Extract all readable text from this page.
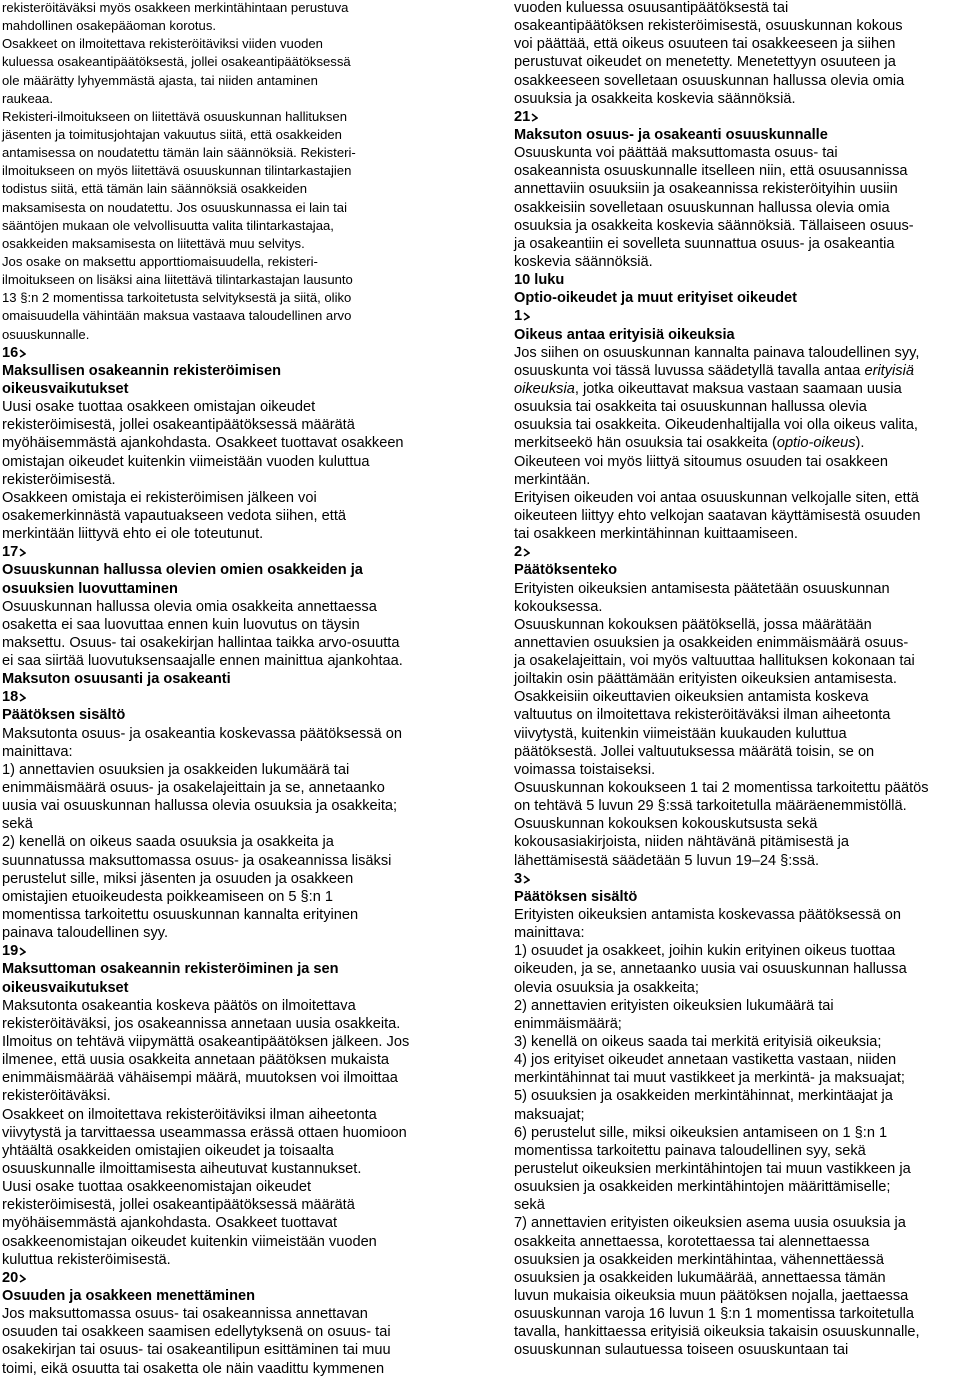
rekisteröitäväksi myös osakkeen merkintähintaan perustuva
mahdollinen osakepääoman korotus.
Osakkeet on ilmoitettava rekisteröitäviksi viiden vuoden
kuluessa osakeantipäätöksestä, jollei osakeantipäätöksessä
ole määrätty lyhyemmästä ajasta, tai niiden antaminen
raukeaa.
Rekisteri-ilmoitukseen on liitettävä osuuskunnan hallituksen
jäsenten ja toimitusjohtajan vakuutus siitä, että osakkeiden
antamisessa on noudatettu tämän lain säännöksiä. Rekisteri-
ilmoitukseen on myös liitettävä osuuskunnan tilintarkastajien
todistus siitä, että tämän lain säännöksiä osakkeiden
maksamisesta on noudatettu. Jos osuuskunnassa ei lain tai
sääntöjen mukaan ole velvollisuutta valita tilintarkastajaa,
osakkeiden maksamisesta on liitettävä muu selvitys.
Jos osake on maksettu apporttiomaisuudella, rekisteri-
ilmoitukseen on lisäksi aina liitettävä tilintarkastajan lausunto
13 §:n 2 momentissa tarkoitetusta selvityksestä ja siitä, oliko
omaisuudella vähintään maksua vastaava taloudellinen arvo
osuuskunnalle.
16
Maksullisen osakeannin rekisteröimisen
oikeusvaikutukset
Uusi osake tuottaa osakkeen omistajan oikeudet
rekisteröimisestä, jollei osakeantipäätöksessä määrätä
myöhäisemmästä ajankohdasta. Osakkeet tuottavat osakkeen
omistajan oikeudet kuitenkin viimeistään vuoden kuluttua
rekisteröimisestä.
Osakkeen omistaja ei rekisteröimisen jälkeen voi
osakemerkinnästä vapautuakseen vedota siihen, että
merkintään liittyvä ehto ei ole toteutunut.
17
Osuuskunnan hallussa olevien omien osakkeiden ja
osuuksien luovuttaminen
Osuuskunnan hallussa olevia omia osakkeita annettaessa
osaketta ei saa luovuttaa ennen kuin luovutus on täysin
maksettu. Osuus- tai osakekirjan hallintaa taikka arvo-osuutta
ei saa siirtää luovutuksensaajalle ennen mainittua ajankohtaa.
Maksuton osuusanti ja osakeanti
18
Päätöksen sisältö
Maksutonta osuus- ja osakeantia koskevassa päätöksessä on
mainittava:
1) annettavien osuuksien ja osakkeiden lukumäärä tai
enimmäismäärä osuus- ja osakelajeittain ja se, annetaanko
uusia vai osuuskunnan hallussa olevia osuuksia ja osakkeita;
sekä
2) kenellä on oikeus saada osuuksia ja osakkeita ja
suunnatussa maksuttomassa osuus- ja osakeannissa lisäksi
perustelut sille, miksi jäsenten ja osuuden ja osakkeen
omistajien etuoikeudesta poikkeamiseen on 5 §:n 1
momentissa tarkoitettu osuuskunnan kannalta erityinen
painava taloudellinen syy.
19
Maksuttoman osakeannin rekisteröiminen ja sen
oikeusvaikutukset
Maksutonta osakeantia koskeva päätös on ilmoitettava
rekisteröitäväksi, jos osakeannissa annetaan uusia osakkeita.
Ilmoitus on tehtävä viipymättä osakeantipäätöksen jälkeen. Jos
ilmenee, että uusia osakkeita annetaan päätöksen mukaista
enimmäismäärää vähäisempi määrä, muutoksen voi ilmoittaa
rekisteröitäväksi.
Osakkeet on ilmoitettava rekisteröitäviksi ilman aiheetonta
viivytystä ja tarvittaessa useammassa erässä ottaen huomioon
yhtäältä osakkeiden omistajien oikeudet ja toisaalta
osuuskunnalle ilmoittamisesta aiheutuvat kustannukset.
Uusi osake tuottaa osakkeenomistajan oikeudet
rekisteröimisestä, jollei osakeantipäätöksessä määrätä
myöhäisemmästä ajankohdasta. Osakkeet tuottavat
osakkeenomistajan oikeudet kuitenkin viimeistään vuoden
kuluttua rekisteröimisestä.
20
Osuuden ja osakkeen menettäminen
Jos maksuttomassa osuus- tai osakeannissa annettavan
osuuden tai osakkeen saamisen edellytyksenä on osuus- tai
osakekirjan tai osuus- tai osakeantilipun esittäminen tai muu
toimi, eikä osuutta tai osaketta ole näin vaadittu kymmenen
vuoden kuluessa osuusantipäätöksestä tai
osakeantipäätöksen rekisteröimisestä, osuuskunnan kokous
voi päättää, että oikeus osuuteen tai osakkeeseen ja siihen
perustuvat oikeudet on menetetty. Menetettyyn osuuteen ja
osakkeeseen sovelletaan osuuskunnan hallussa olevia omia
osuuksia ja osakkeita koskevia säännöksiä.
21
Maksuton osuus- ja osakeanti osuuskunnalle
Osuuskunta voi päättää maksuttomasta osuus- tai
osakeannista osuuskunnalle itselleen niin, että osuusannissa
annettaviin osuuksiin ja osakeannissa rekisteröityihin uusiin
osakkeisiin sovelletaan osuuskunnan hallussa olevia omia
osuuksia ja osakkeita koskevia säännöksiä. Tällaiseen osuus-
ja osakeantiin ei sovelleta suunnattua osuus- ja osakeantia
koskevia säännöksiä.
10 luku
Optio-oikeudet ja muut erityiset oikeudet
1
Oikeus antaa erityisiä oikeuksia
Jos siihen on osuuskunnan kannalta painava taloudellinen syy,
osuuskunta voi tässä luvussa säädetyllä tavalla antaa erityisiä
oikeuksia, jotka oikeuttavat maksua vastaan saamaan uusia
osuuksia tai osakkeita tai osuuskunnan hallussa olevia
osuuksia tai osakkeita. Oikeudenhaltijalla voi olla oikeus valita,
merkitseekö hän osuuksia tai osakkeita (optio-oikeus).
Oikeuteen voi myös liittyä sitoumus osuuden tai osakkeen
merkintään.
Erityisen oikeuden voi antaa osuuskunnan velkojalle siten, että
oikeuteen liittyy ehto velkojan saatavan käyttämisestä osuuden
tai osakkeen merkintähinnan kuittaamiseen.
2
Päätöksenteko
Erityisten oikeuksien antamisesta päätetään osuuskunnan
kokouksessa.
Osuuskunnan kokouksen päätöksellä, jossa määrätään
annettavien osuuksien ja osakkeiden enimmäismäärä osuus-
ja osakelajeittain, voi myös valtuuttaa hallituksen kokonaan tai
joiltakin osin päättämään erityisten oikeuksien antamisesta.
Osakkeisiin oikeuttavien oikeuksien antamista koskeva
valtuutus on ilmoitettava rekisteröitäväksi ilman aiheetonta
viivytystä, kuitenkin viimeistään kuukauden kuluttua
päätöksestä. Jollei valtuutuksessa määrätä toisin, se on
voimassa toistaiseksi.
Osuuskunnan kokoukseen 1 tai 2 momentissa tarkoitettu päätös
on tehtävä 5 luvun 29 §:ssä tarkoitetulla määräenemmistöllä.
Osuuskunnan kokouksen kokouskutsusta sekä
kokousasiakirjoista, niiden nähtävänä pitämisestä ja
lähettämisestä säädetään 5 luvun 19–24 §:ssä.
3
Päätöksen sisältö
Erityisten oikeuksien antamista koskevassa päätöksessä on
mainittava:
1) osuudet ja osakkeet, joihin kukin erityinen oikeus tuottaa
oikeuden, ja se, annetaanko uusia vai osuuskunnan hallussa
olevia osuuksia ja osakkeita;
2) annettavien erityisten oikeuksien lukumäärä tai
enimmäismäärä;
3) kenellä on oikeus saada tai merkitä erityisiä oikeuksia;
4) jos erityiset oikeudet annetaan vastiketta vastaan, niiden
merkintähinnat tai muut vastikkeet ja merkintä- ja maksuajat;
5) osuuksien ja osakkeiden merkintähinnat, merkintäajat ja
maksuajat;
6) perustelut sille, miksi oikeuksien antamiseen on 1 §:n 1
momentissa tarkoitettu painava taloudellinen syy, sekä
perustelut oikeuksien merkintähintojen tai muun vastikkeen ja
osuuksien ja osakkeiden merkintähintojen määrittämiselle;
sekä
7) annettavien erityisten oikeuksien asema uusia osuuksia ja
osakkeita annettaessa, korotettaessa tai alennettaessa
osuuksien ja osakkeiden merkintähintaa, vähennettäessä
osuuksien ja osakkeiden lukumäärää, annettaessa tämän
luvun mukaisia oikeuksia muun päätöksen nojalla, jaettaessa
osuuskunnan varoja 16 luvun 1 §:n 1 momentissa tarkoitetulla
tavalla, hankittaessa erityisiä oikeuksia takaisin osuuskunnalle,
osuuskunnan sulautuessa toiseen osuuskuntaan tai
